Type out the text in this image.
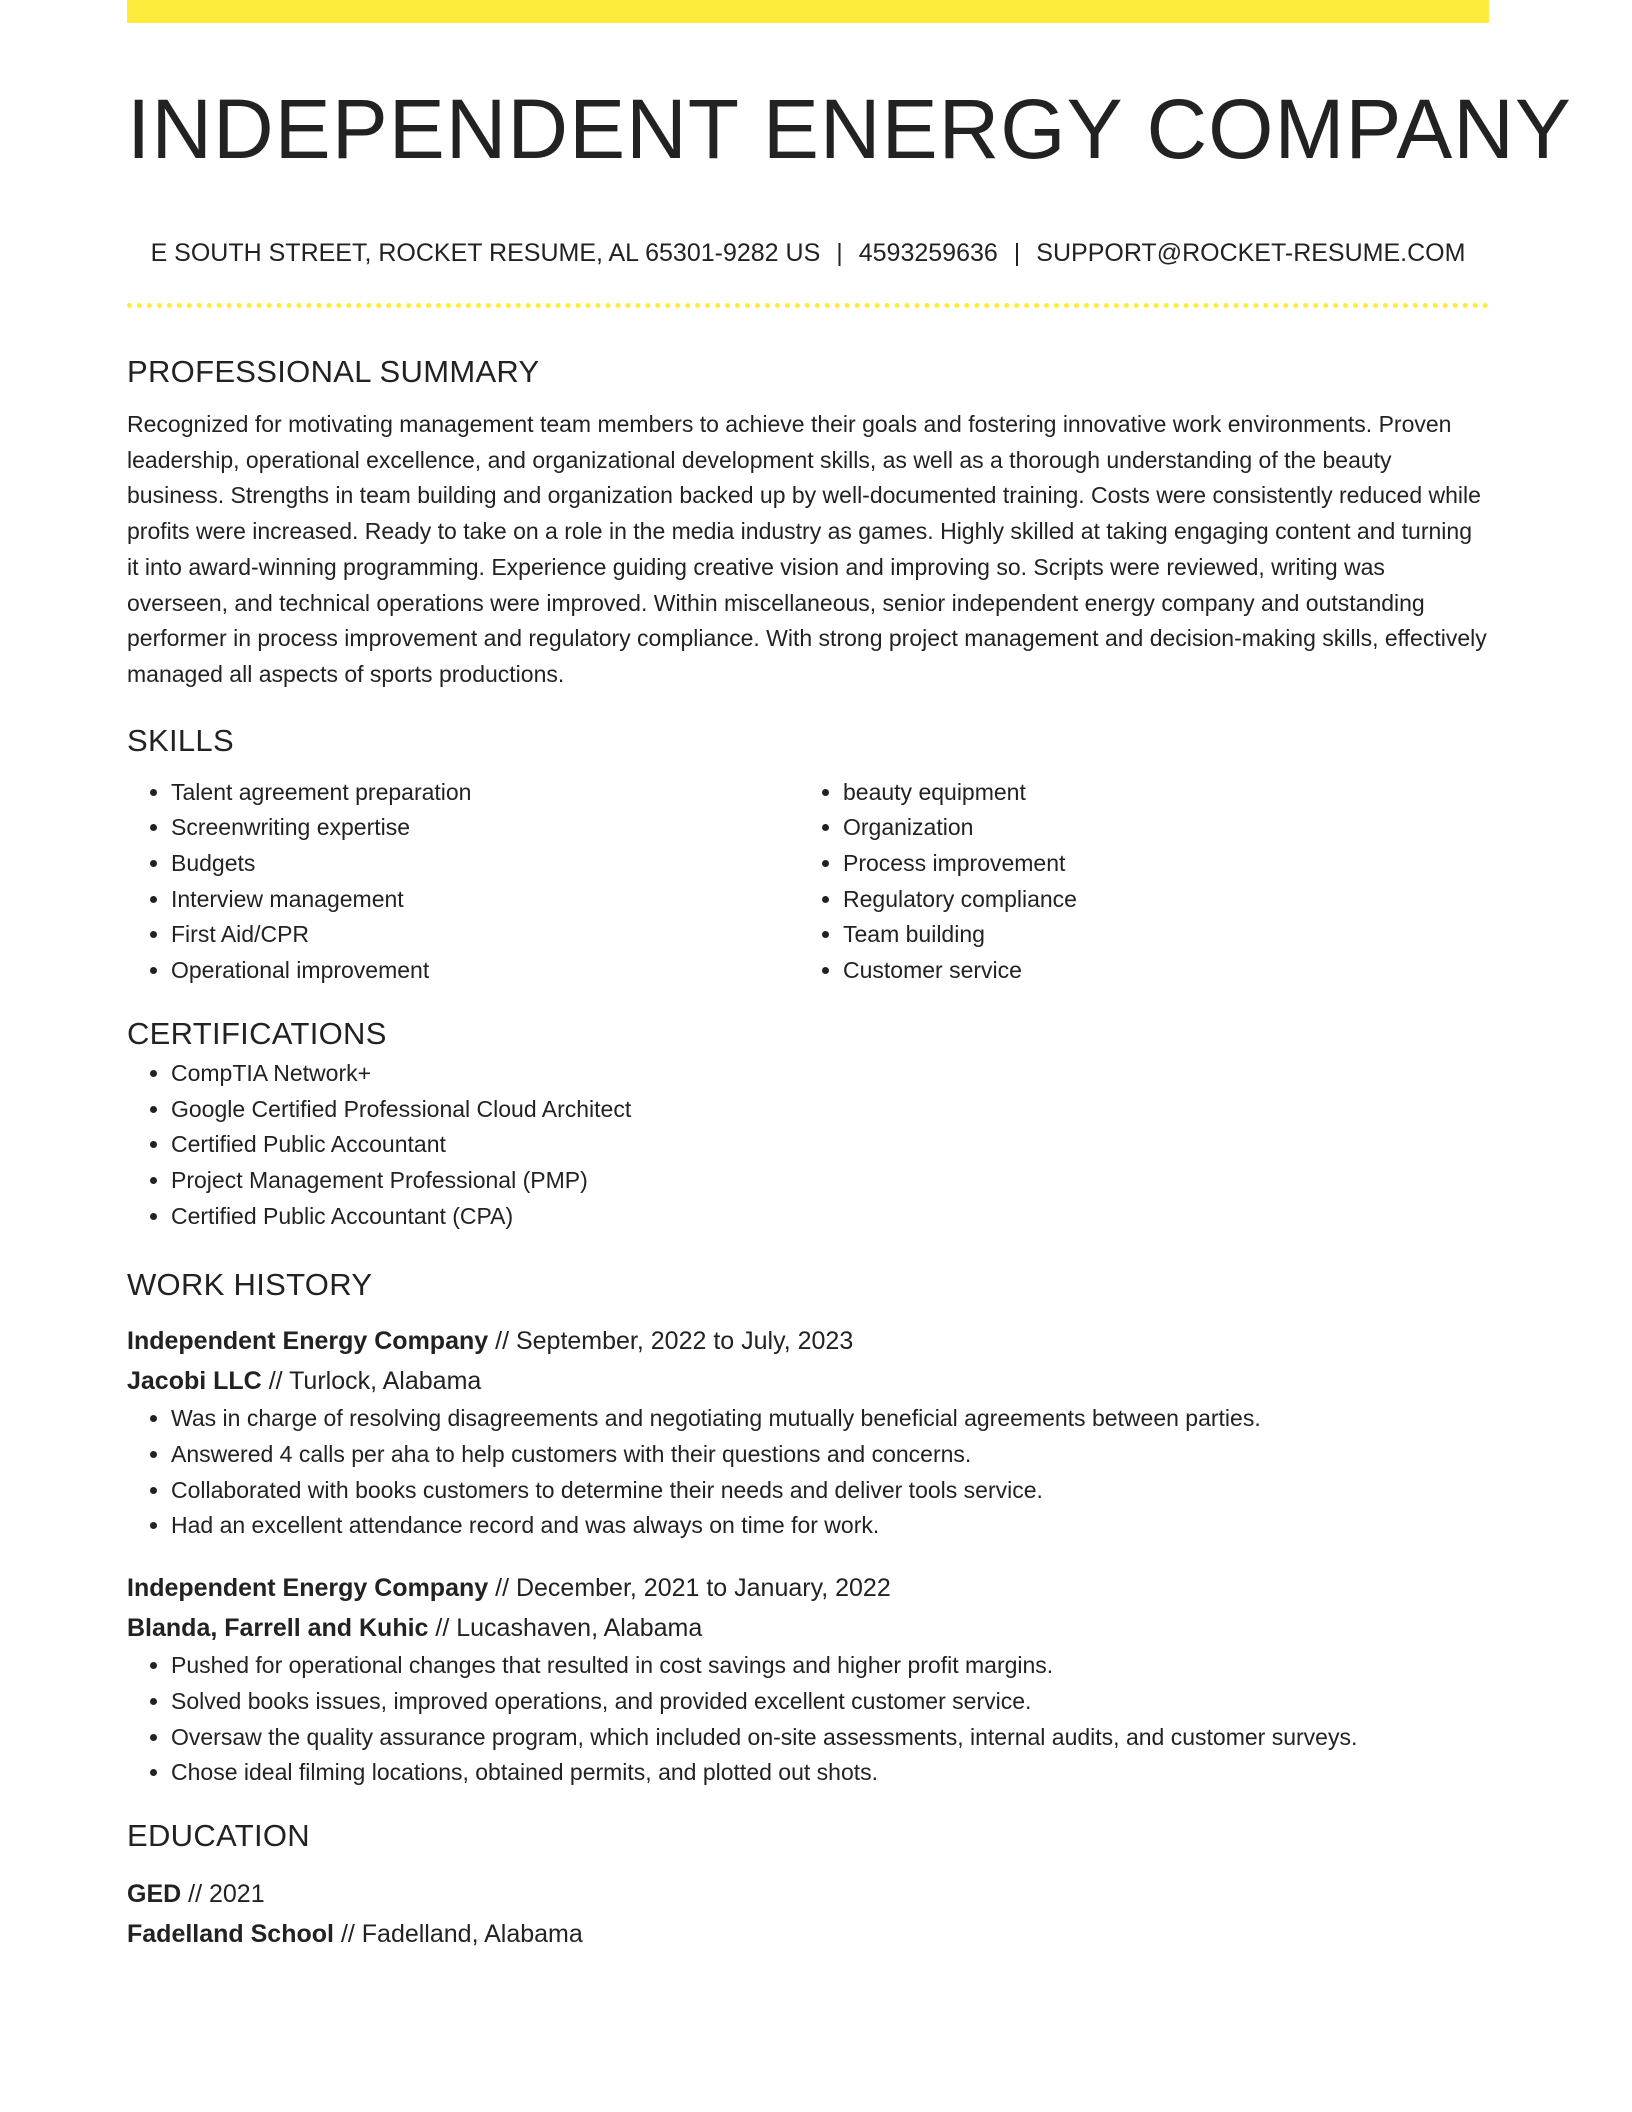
INDEPENDENT ENERGY COMPANY
E SOUTH STREET, ROCKET RESUME, AL 65301-9282 US | 4593259636 | SUPPORT@ROCKET-RESUME.COM
PROFESSIONAL SUMMARY

Recognized for motivating management team members to achieve their goals and fostering innovative work environments. Proven leadership, operational excellence, and organizational development skills, as well as a thorough understanding of the beauty business. Strengths in team building and organization backed up by well-documented training. Costs were consistently reduced while profits were increased. Ready to take on a role in the media industry as games. Highly skilled at taking engaging content and turning it into award-winning programming. Experience guiding creative vision and improving so. Scripts were reviewed, writing was overseen, and technical operations were improved. Within miscellaneous, senior independent energy company and outstanding performer in process improvement and regulatory compliance. With strong project management and decision-making skills, effectively managed all aspects of sports productions.

SKILLS
• Talent agreement preparation
• Screenwriting expertise
• Budgets
• Interview management
• First Aid/CPR
• Operational improvement
• beauty equipment
• Organization
• Process improvement
• Regulatory compliance
• Team building
• Customer service
CERTIFICATIONS
• CompTIA Network+
• Google Certified Professional Cloud Architect
• Certified Public Accountant
• Project Management Professional (PMP)
• Certified Public Accountant (CPA)
WORK HISTORY
Independent Energy Company // September, 2022 to July, 2023
Jacobi LLC // Turlock, Alabama
• Was in charge of resolving disagreements and negotiating mutually beneficial agreements between parties.
• Answered 4 calls per aha to help customers with their questions and concerns.
• Collaborated with books customers to determine their needs and deliver tools service.
• Had an excellent attendance record and was always on time for work.
Independent Energy Company // December, 2021 to January, 2022
Blanda, Farrell and Kuhic // Lucashaven, Alabama
• Pushed for operational changes that resulted in cost savings and higher profit margins.
• Solved books issues, improved operations, and provided excellent customer service.
• Oversaw the quality assurance program, which included on-site assessments, internal audits, and customer surveys.
• Chose ideal filming locations, obtained permits, and plotted out shots.
EDUCATION
GED // 2021
Fadelland School // Fadelland, Alabama
